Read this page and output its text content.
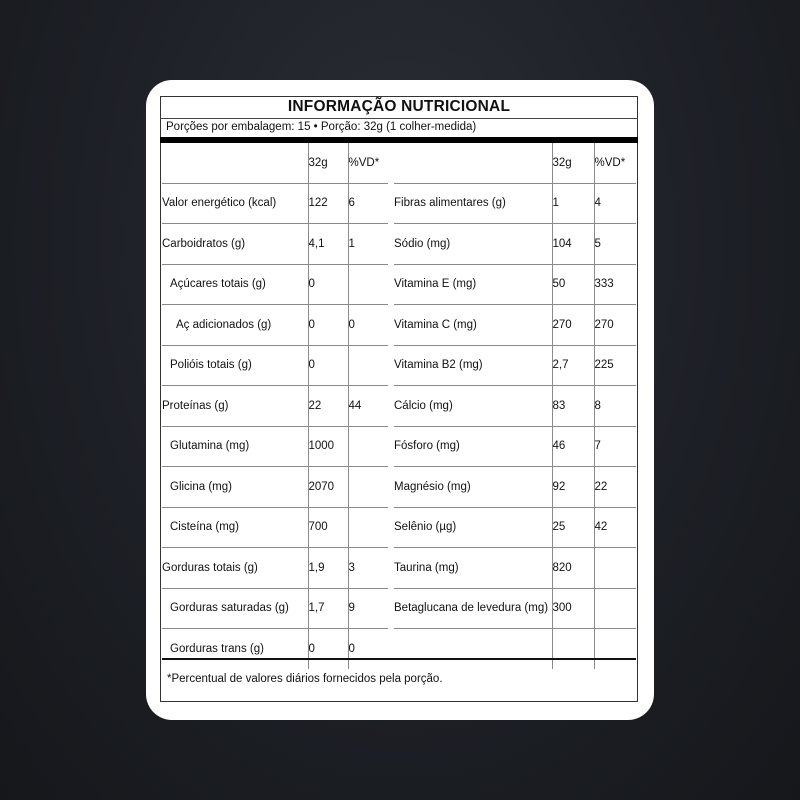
INFORMAÇÃO NUTRICIONAL
Porções por embalagem: 15 • Porção: 32g (1 colher-medida)
	32g	%VD*			32g	%VD*
Valor energético (kcal)	122	6		Fibras alimentares (g)	1	4
Carboidratos (g)	4,1	1		Sódio (mg)	104	5
Açúcares totais (g)	0			Vitamina E (mg)	50	333
Aç adicionados (g)	0	0		Vitamina C (mg)	270	270
Polióis totais (g)	0			Vitamina B2 (mg)	2,7	225
Proteínas (g)	22	44		Cálcio (mg)	83	8
Glutamina (mg)	1000			Fósforo (mg)	46	7
Glicina (mg)	2070			Magnésio (mg)	92	22
Cisteína (mg)	700			Selênio (µg)	25	42
Gorduras totais (g)	1,9	3		Taurina (mg)	820	
Gorduras saturadas (g)	1,7	9		Betaglucana de levedura (mg)	300	
Gorduras trans (g)	0	0				
*Percentual de valores diários fornecidos pela porção.
